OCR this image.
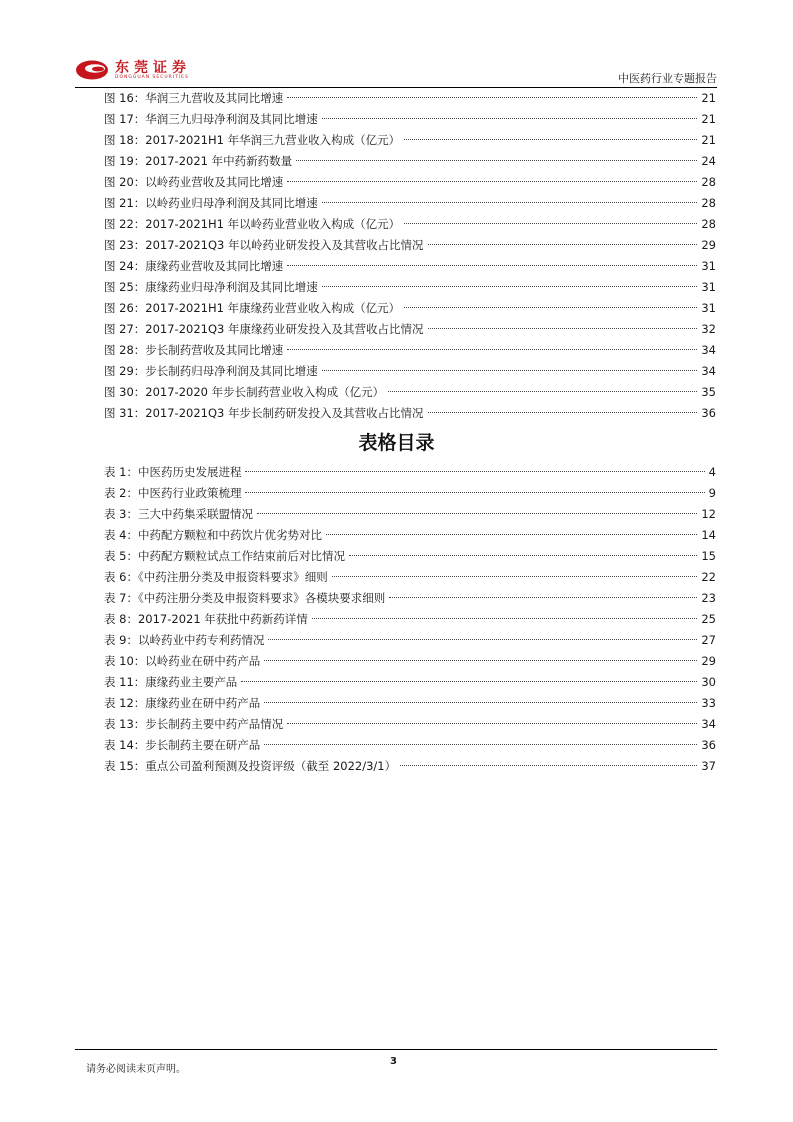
东莞证券
DONGGUAN SECURITIES	中医药行业专题报告
图 16：华润三九营收及其同比增速	21
图 17：华润三九归母净利润及其同比增速	21
图 18：2017-2021H1 年华润三九营业收入构成（亿元）	21
图 19：2017-2021 年中药新药数量	24
图 20：以岭药业营收及其同比增速	28
图 21：以岭药业归母净利润及其同比增速	28
图 22：2017-2021H1 年以岭药业营业收入构成（亿元）	28
图 23：2017-2021Q3 年以岭药业研发投入及其营收占比情况	29
图 24：康缘药业营收及其同比增速	31
图 25：康缘药业归母净利润及其同比增速	31
图 26：2017-2021H1 年康缘药业营业收入构成（亿元）	31
图 27：2017-2021Q3 年康缘药业研发投入及其营收占比情况	32
图 28：步长制药营收及其同比增速	34
图 29：步长制药归母净利润及其同比增速	34
图 30：2017-2020 年步长制药营业收入构成（亿元）	35
图 31：2017-2021Q3 年步长制药研发投入及其营收占比情况	36
表格目录
表 1：中医药历史发展进程	4
表 2：中医药行业政策梳理	9
表 3：三大中药集采联盟情况	12
表 4：中药配方颗粒和中药饮片优劣势对比	14
表 5：中药配方颗粒试点工作结束前后对比情况	15
表 6：《中药注册分类及申报资料要求》细则	22
表 7：《中药注册分类及申报资料要求》各模块要求细则	23
表 8：2017-2021 年获批中药新药详情	25
表 9：以岭药业中药专利药情况	27
表 10：以岭药业在研中药产品	29
表 11：康缘药业主要产品	30
表 12：康缘药业在研中药产品	33
表 13：步长制药主要中药产品情况	34
表 14：步长制药主要在研产品	36
表 15：重点公司盈利预测及投资评级（截至 2022/3/1）	37
请务必阅读末页声明。
3
